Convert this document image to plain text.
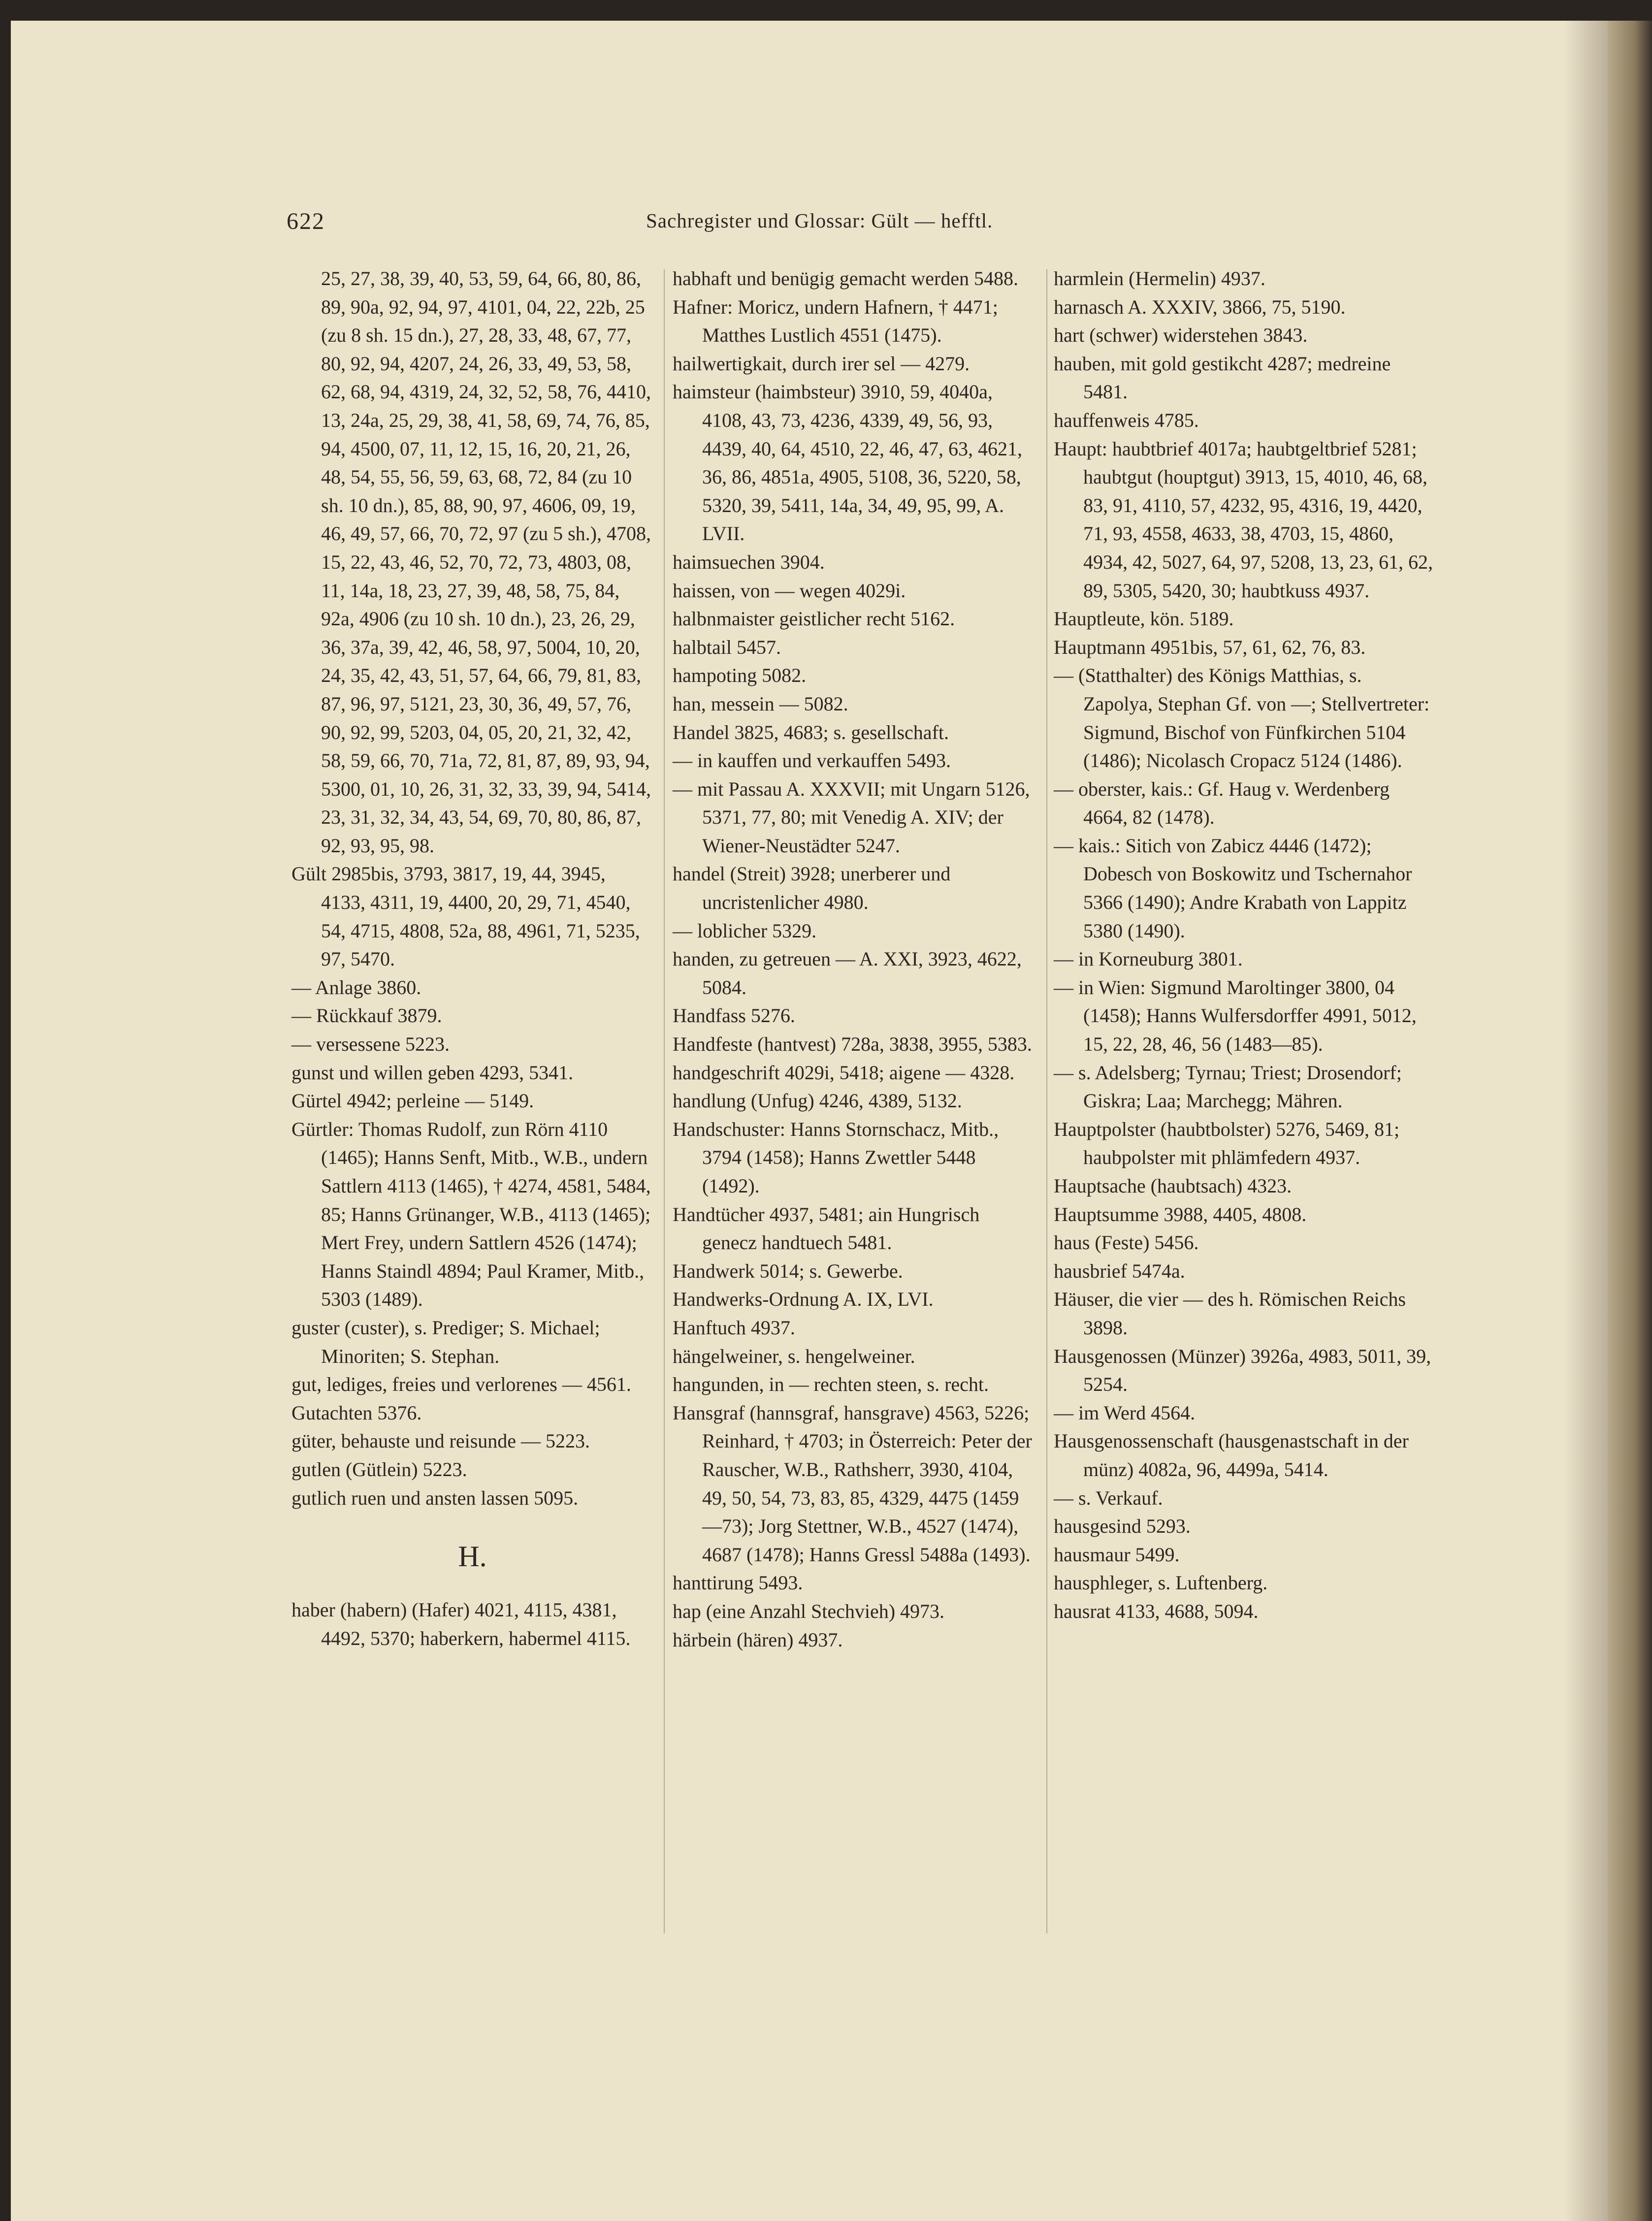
622	Sachregister und Glossar: Gült — hefftl.
25, 27, 38, 39, 40, 53, 59, 64, 66, 80, 86, 89, 90a, 92, 94, 97, 4101, 04, 22, 22b, 25 (zu 8 sh. 15 dn.), 27, 28, 33, 48, 67, 77, 80, 92, 94, 4207, 24, 26, 33, 49, 53, 58, 62, 68, 94, 4319, 24, 32, 52, 58, 76, 4410, 13, 24a, 25, 29, 38, 41, 58, 69, 74, 76, 85, 94, 4500, 07, 11, 12, 15, 16, 20, 21, 26, 48, 54, 55, 56, 59, 63, 68, 72, 84 (zu 10 sh. 10 dn.), 85, 88, 90, 97, 4606, 09, 19, 46, 49, 57, 66, 70, 72, 97 (zu 5 sh.), 4708, 15, 22, 43, 46, 52, 70, 72, 73, 4803, 08, 11, 14a, 18, 23, 27, 39, 48, 58, 75, 84, 92a, 4906 (zu 10 sh. 10 dn.), 23, 26, 29, 36, 37a, 39, 42, 46, 58, 97, 5004, 10, 20, 24, 35, 42, 43, 51, 57, 64, 66, 79, 81, 83, 87, 96, 97, 5121, 23, 30, 36, 49, 57, 76, 90, 92, 99, 5203, 04, 05, 20, 21, 32, 42, 58, 59, 66, 70, 71a, 72, 81, 87, 89, 93, 94, 5300, 01, 10, 26, 31, 32, 33, 39, 94, 5414, 23, 31, 32, 34, 43, 54, 69, 70, 80, 86, 87, 92, 93, 95, 98.
Gült 2985bis, 3793, 3817, 19, 44, 3945, 4133, 4311, 19, 4400, 20, 29, 71, 4540, 54, 4715, 4808, 52a, 88, 4961, 71, 5235, 97, 5470.
— Anlage 3860.
— Rückkauf 3879.
— versessene 5223.
gunst und willen geben 4293, 5341.
Gürtel 4942; perleine — 5149.
Gürtler: Thomas Rudolf, zun Rörn 4110 (1465); Hanns Senft, Mitb., W.B., undern Sattlern 4113 (1465), † 4274, 4581, 5484, 85; Hanns Grünanger, W.B., 4113 (1465); Mert Frey, undern Sattlern 4526 (1474); Hanns Staindl 4894; Paul Kramer, Mitb., 5303 (1489).
guster (custer), s. Prediger; S. Michael; Minoriten; S. Stephan.
gut, lediges, freies und verlorenes — 4561.
Gutachten 5376.
güter, behauste und reisunde — 5223.
gutlen (Gütlein) 5223.
gutlich ruen und ansten lassen 5095.
H.
haber (habern) (Hafer) 4021, 4115, 4381, 4492, 5370; haberkern, habermel 4115.
habhaft und benügig gemacht werden 5488.
Hafner: Moricz, undern Hafnern, † 4471; Matthes Lustlich 4551 (1475).
hailwertigkait, durch irer sel — 4279.
haimsteur (haimbsteur) 3910, 59, 4040a, 4108, 43, 73, 4236, 4339, 49, 56, 93, 4439, 40, 64, 4510, 22, 46, 47, 63, 4621, 36, 86, 4851a, 4905, 5108, 36, 5220, 58, 5320, 39, 5411, 14a, 34, 49, 95, 99, A. LVII.
haimsuechen 3904.
haissen, von — wegen 4029i.
halbnmaister geistlicher recht 5162.
halbtail 5457.
hampoting 5082.
han, messein — 5082.
Handel 3825, 4683; s. gesellschaft.
— in kauffen und verkauffen 5493.
— mit Passau A. XXXVII; mit Ungarn 5126, 5371, 77, 80; mit Venedig A. XIV; der Wiener-Neustädter 5247.
handel (Streit) 3928; unerberer und uncristenlicher 4980.
— loblicher 5329.
handen, zu getreuen — A. XXI, 3923, 4622, 5084.
Handfass 5276.
Handfeste (hantvest) 728a, 3838, 3955, 5383.
handgeschrift 4029i, 5418; aigene — 4328.
handlung (Unfug) 4246, 4389, 5132.
Handschuster: Hanns Stornschacz, Mitb., 3794 (1458); Hanns Zwettler 5448 (1492).
Handtücher 4937, 5481; ain Hungrisch genecz handtuech 5481.
Handwerk 5014; s. Gewerbe.
Handwerks-Ordnung A. IX, LVI.
Hanftuch 4937.
hängelweiner, s. hengelweiner.
hangunden, in — rechten steen, s. recht.
Hansgraf (hannsgraf, hansgrave) 4563, 5226; Reinhard, † 4703; in Österreich: Peter der Rauscher, W.B., Rathsherr, 3930, 4104, 49, 50, 54, 73, 83, 85, 4329, 4475 (1459—73); Jorg Stettner, W.B., 4527 (1474), 4687 (1478); Hanns Gressl 5488a (1493).
hanttirung 5493.
hap (eine Anzahl Stechvieh) 4973.
härbein (hären) 4937.
harmlein (Hermelin) 4937.
harnasch A. XXXIV, 3866, 75, 5190.
hart (schwer) widerstehen 3843.
hauben, mit gold gestikcht 4287; medreine 5481.
hauffenweis 4785.
Haupt: haubtbrief 4017a; haubtgeltbrief 5281; haubtgut (houptgut) 3913, 15, 4010, 46, 68, 83, 91, 4110, 57, 4232, 95, 4316, 19, 4420, 71, 93, 4558, 4633, 38, 4703, 15, 4860, 4934, 42, 5027, 64, 97, 5208, 13, 23, 61, 62, 89, 5305, 5420, 30; haubtkuss 4937.
Hauptleute, kön. 5189.
Hauptmann 4951bis, 57, 61, 62, 76, 83.
— (Statthalter) des Königs Matthias, s. Zapolya, Stephan Gf. von —; Stellvertreter: Sigmund, Bischof von Fünfkirchen 5104 (1486); Nicolasch Cropacz 5124 (1486).
— oberster, kais.: Gf. Haug v. Werdenberg 4664, 82 (1478).
— kais.: Sitich von Zabicz 4446 (1472); Dobesch von Boskowitz und Tschernahor 5366 (1490); Andre Krabath von Lappitz 5380 (1490).
— in Korneuburg 3801.
— in Wien: Sigmund Maroltinger 3800, 04 (1458); Hanns Wulfersdorffer 4991, 5012, 15, 22, 28, 46, 56 (1483—85).
— s. Adelsberg; Tyrnau; Triest; Drosendorf; Giskra; Laa; Marchegg; Mähren.
Hauptpolster (haubtbolster) 5276, 5469, 81; haubpolster mit phlämfedern 4937.
Hauptsache (haubtsach) 4323.
Hauptsumme 3988, 4405, 4808.
haus (Feste) 5456.
hausbrief 5474a.
Häuser, die vier — des h. Römischen Reichs 3898.
Hausgenossen (Münzer) 3926a, 4983, 5011, 39, 5254.
— im Werd 4564.
Hausgenossenschaft (hausgenastschaft in der münz) 4082a, 96, 4499a, 5414.
— s. Verkauf.
hausgesind 5293.
hausmaur 5499.
hausphleger, s. Luftenberg.
hausrat 4133, 4688, 5094.
